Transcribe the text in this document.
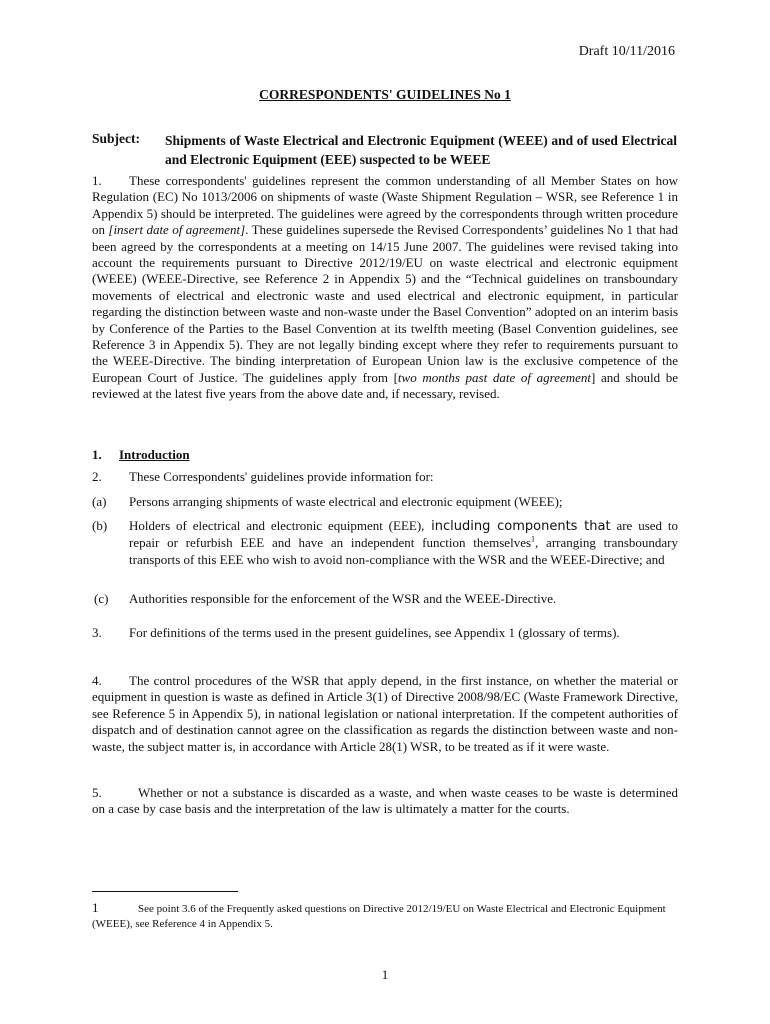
Draft 10/11/2016
CORRESPONDENTS' GUIDELINES No 1
Subject: Shipments of Waste Electrical and Electronic Equipment (WEEE) and of used Electrical and Electronic Equipment (EEE) suspected to be WEEE
1. These correspondents' guidelines represent the common understanding of all Member States on how Regulation (EC) No 1013/2006 on shipments of waste (Waste Shipment Regulation – WSR, see Reference 1 in Appendix 5) should be interpreted. The guidelines were agreed by the correspondents through written procedure on [insert date of agreement]. These guidelines supersede the Revised Correspondents’ guidelines No 1 that had been agreed by the correspondents at a meeting on 14/15 June 2007. The guidelines were revised taking into account the requirements pursuant to Directive 2012/19/EU on waste electrical and electronic equipment (WEEE) (WEEE-Directive, see Reference 2 in Appendix 5) and the “Technical guidelines on transboundary movements of electrical and electronic waste and used electrical and electronic equipment, in particular regarding the distinction between waste and non-waste under the Basel Convention” adopted on an interim basis by Conference of the Parties to the Basel Convention at its twelfth meeting (Basel Convention guidelines, see Reference 3 in Appendix 5). They are not legally binding except where they refer to requirements pursuant to the WEEE-Directive. The binding interpretation of European Union law is the exclusive competence of the European Court of Justice. The guidelines apply from [two months past date of agreement] and should be reviewed at the latest five years from the above date and, if necessary, revised.
1. Introduction
2. These Correspondents' guidelines provide information for:
(a) Persons arranging shipments of waste electrical and electronic equipment (WEEE);
(b) Holders of electrical and electronic equipment (EEE), including components that are used to repair or refurbish EEE and have an independent function themselves$^1$, arranging transboundary transports of this EEE who wish to avoid non-compliance with the WSR and the WEEE-Directive; and
(c) Authorities responsible for the enforcement of the WSR and the WEEE-Directive.
3. For definitions of the terms used in the present guidelines, see Appendix 1 (glossary of terms).
4. The control procedures of the WSR that apply depend, in the first instance, on whether the material or equipment in question is waste as defined in Article 3(1) of Directive 2008/98/EC (Waste Framework Directive, see Reference 5 in Appendix 5), in national legislation or national interpretation. If the competent authorities of dispatch and of destination cannot agree on the classification as regards the distinction between waste and non-waste, the subject matter is, in accordance with Article 28(1) WSR, to be treated as if it were waste.
5.	Whether or not a substance is discarded as a waste, and when waste ceases to be waste is determined on a case by case basis and the interpretation of the law is ultimately a matter for the courts.
1	See point 3.6 of the Frequently asked questions on Directive 2012/19/EU on Waste Electrical and Electronic Equipment (WEEE), see Reference 4 in Appendix 5.
1
